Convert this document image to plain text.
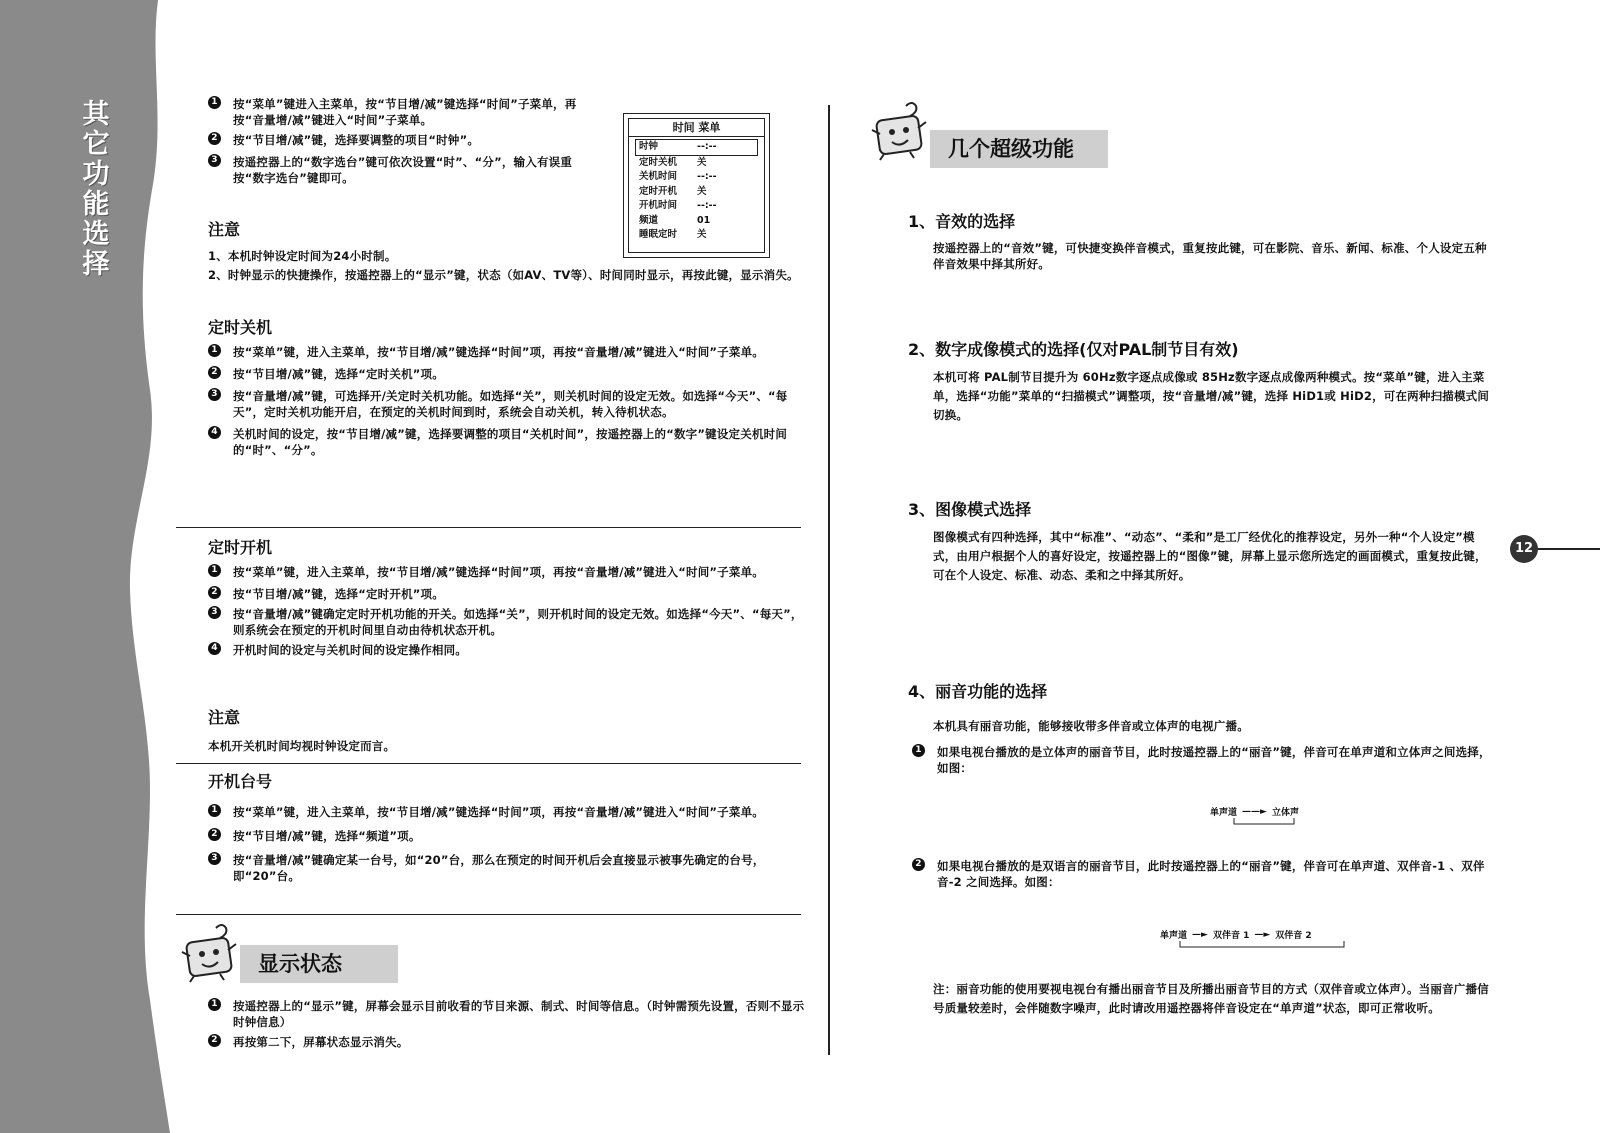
其
它
功
能
选
择
1 按“菜单”键进入主菜单，按“节目增/减”键选择“时间”子菜单，再按“音量增/减”键进入“时间”子菜单。
2 按“节目增/减”键，选择要调整的项目“时钟”。
3 按遥控器上的“数字选台”键可依次设置“时”、“分”，输入有误重按“数字选台”键即可。
时间 菜单
时钟	--:--
定时关机	关
关机时间	--:--
定时开机	关
开机时间	--:--
频道	01
睡眠定时	关
注意
1、本机时钟设定时间为24小时制。
2、时钟显示的快捷操作，按遥控器上的“显示”键，状态（如AV、TV等）、时间同时显示，再按此键，显示消失。
定时关机
1 按“菜单”键，进入主菜单，按“节目增/减”键选择“时间”项，再按“音量增/减”键进入“时间”子菜单。
2 按“节目增/减”键，选择“定时关机”项。
3 按“音量增/减”键，可选择开/关定时关机功能。如选择“关”，则关机时间的设定无效。如选择“今天”、“每天”，定时关机功能开启，在预定的关机时间到时，系统会自动关机，转入待机状态。
4 关机时间的设定，按“节目增/减”键，选择要调整的项目“关机时间”，按遥控器上的“数字”键设定关机时间的“时”、“分”。
定时开机
1 按“菜单”键，进入主菜单，按“节目增/减”键选择“时间”项，再按“音量增/减”键进入“时间”子菜单。
2 按“节目增/减”键，选择“定时开机”项。
3 按“音量增/减”键确定定时开机功能的开关。如选择“关”，则开机时间的设定无效。如选择“今天”、“每天”，则系统会在预定的开机时间里自动由待机状态开机。
4 开机时间的设定与关机时间的设定操作相同。
注意
本机开关机时间均视时钟设定而言。
开机台号
1 按“菜单”键，进入主菜单，按“节目增/减”键选择“时间”项，再按“音量增/减”键进入“时间”子菜单。
2 按“节目增/减”键，选择“频道”项。
3 按“音量增/减”键确定某一台号，如“20”台，那么在预定的时间开机后会直接显示被事先确定的台号，即“20”台。
显示状态
1 按遥控器上的“显示”键，屏幕会显示目前收看的节目来源、制式、时间等信息。（时钟需预先设置，否则不显示时钟信息）
2 再按第二下，屏幕状态显示消失。
几个超级功能
1、音效的选择
按遥控器上的“音效”键，可快捷变换伴音模式，重复按此键，可在影院、音乐、新闻、标准、个人设定五种伴音效果中择其所好。
2、数字成像模式的选择(仅对PAL制节目有效)
本机可将 PAL制节目提升为 60Hz数字逐点成像或 85Hz数字逐点成像两种模式。按“菜单”键，进入主菜单，选择“功能”菜单的“扫描模式”调整项，按“音量增/减”键，选择 HiD1或 HiD2，可在两种扫描模式间切换。
3、图像模式选择
图像模式有四种选择，其中“标准”、“动态”、“柔和”是工厂经优化的推荐设定，另外一种“个人设定”模式，由用户根据个人的喜好设定，按遥控器上的“图像”键，屏幕上显示您所选定的画面模式，重复按此键，可在个人设定、标准、动态、柔和之中择其所好。
4、丽音功能的选择
本机具有丽音功能，能够接收带多伴音或立体声的电视广播。
1 如果电视台播放的是立体声的丽音节目，此时按遥控器上的“丽音”键，伴音可在单声道和立体声之间选择，如图：
单声道 ——► 立体声
2 如果电视台播放的是双语言的丽音节目，此时按遥控器上的“丽音”键，伴音可在单声道、双伴音-1 、双伴音-2 之间选择。如图：
单声道 —► 双伴音 1 —► 双伴音 2
注：丽音功能的使用要视电视台有播出丽音节目及所播出丽音节目的方式（双伴音或立体声）。当丽音广播信号质量较差时，会伴随数字噪声，此时请改用遥控器将伴音设定在“单声道”状态，即可正常收听。
12
